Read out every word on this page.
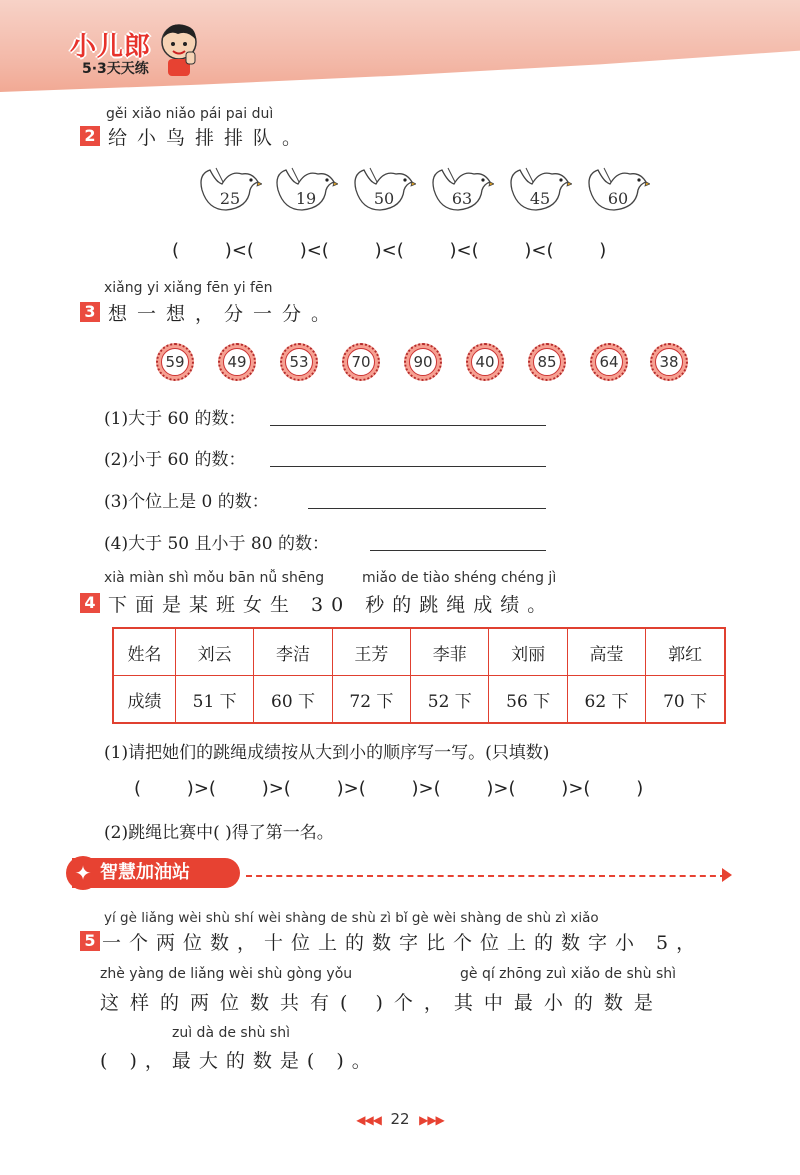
小儿郎
5·3天天练
gěi xiǎo niǎo pái pai duì
2 给小鸟排排队。
25	19	50	63	45	60
(        )<(        )<(        )<(        )<(        )<(        )
xiǎng yi xiǎng fēn yi fēn
3 想一想，分一分。
59	49	53	70	90	40	85	64	38
(1)大于 60 的数：
(2)小于 60 的数：
(3)个位上是 0 的数：
(4)大于 50 且小于 80 的数：
xià miàn shì mǒu bān nǚ shēng	miǎo de tiào shéng chéng jì
4 下面是某班女生 30 秒的跳绳成绩。
姓名	刘云	李洁	王芳	李菲	刘丽	高莹	郭红
成绩	51 下	60 下	72 下	52 下	56 下	62 下	70 下
(1)请把她们的跳绳成绩按从大到小的顺序写一写。(只填数)
(        )>(        )>(        )>(        )>(        )>(        )>(        )
(2)跳绳比赛中( )得了第一名。
智慧加油站
✦
yí gè liǎng wèi shù shí wèi shàng de shù zì bǐ gè wèi shàng de shù zì xiǎo
5 一个两位数，十位上的数字比个位上的数字小 5，
zhè yàng de liǎng wèi shù gòng yǒu	gè qí zhōng zuì xiǎo de shù shì
这样的两位数共有( )个，其中最小的数是
zuì dà de shù shì
( )，最大的数是( )。
◀◀◀ 22 ▶▶▶
